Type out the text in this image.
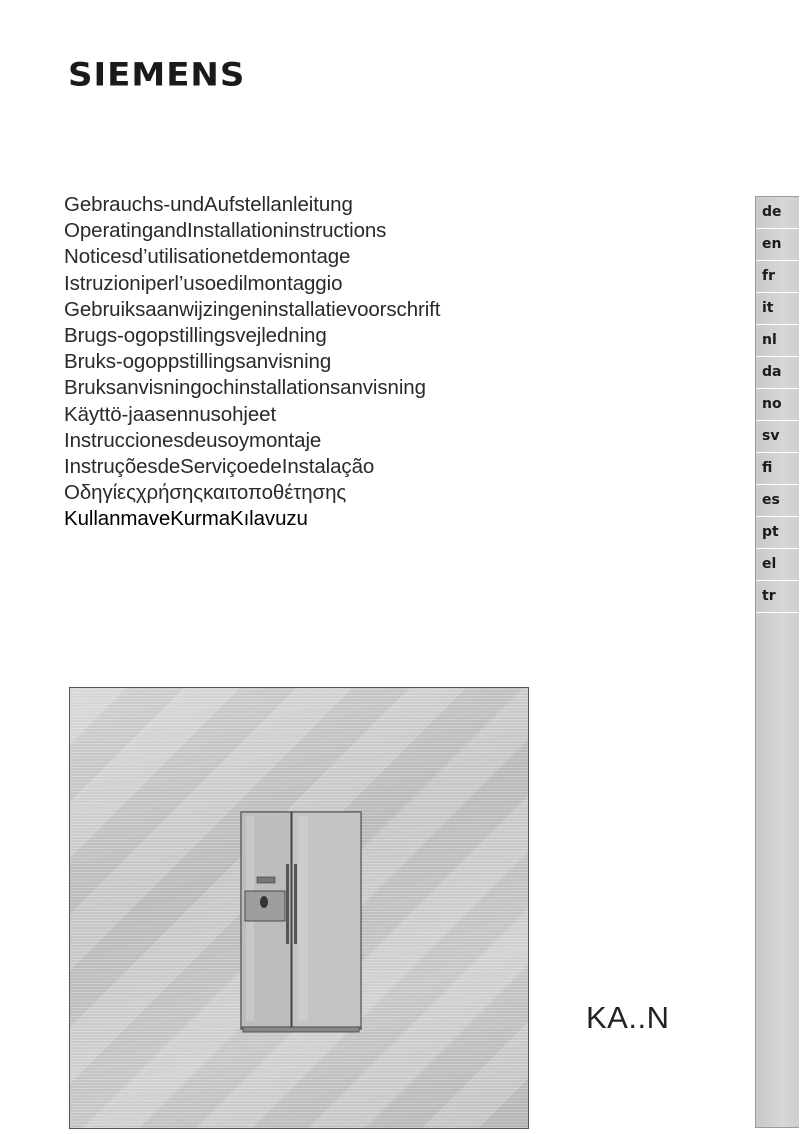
SIEMENS
Gebrauchs-undAufstellanleitung
OperatingandInstallationinstructions
Noticesd’utilisationetdemontage
Istruzioniperl’usoedilmontaggio
Gebruiksaanwijzingeninstallatievoorschrift
Brugs-ogopstillingsvejledning
Bruks-ogoppstillingsanvisning
Bruksanvisningochinstallationsanvisning
Käyttö-jaasennusohjeet
Instruccionesdeusoymontaje
InstruçõesdeServiçoedeInstalação
Οδηγίεςχρήσηςκαιτοποθέτησης
KullanmaveKurmaKılavuzu
de
en
fr
it
nl
da
no
sv
fi
es
pt
el
tr
KA..N
